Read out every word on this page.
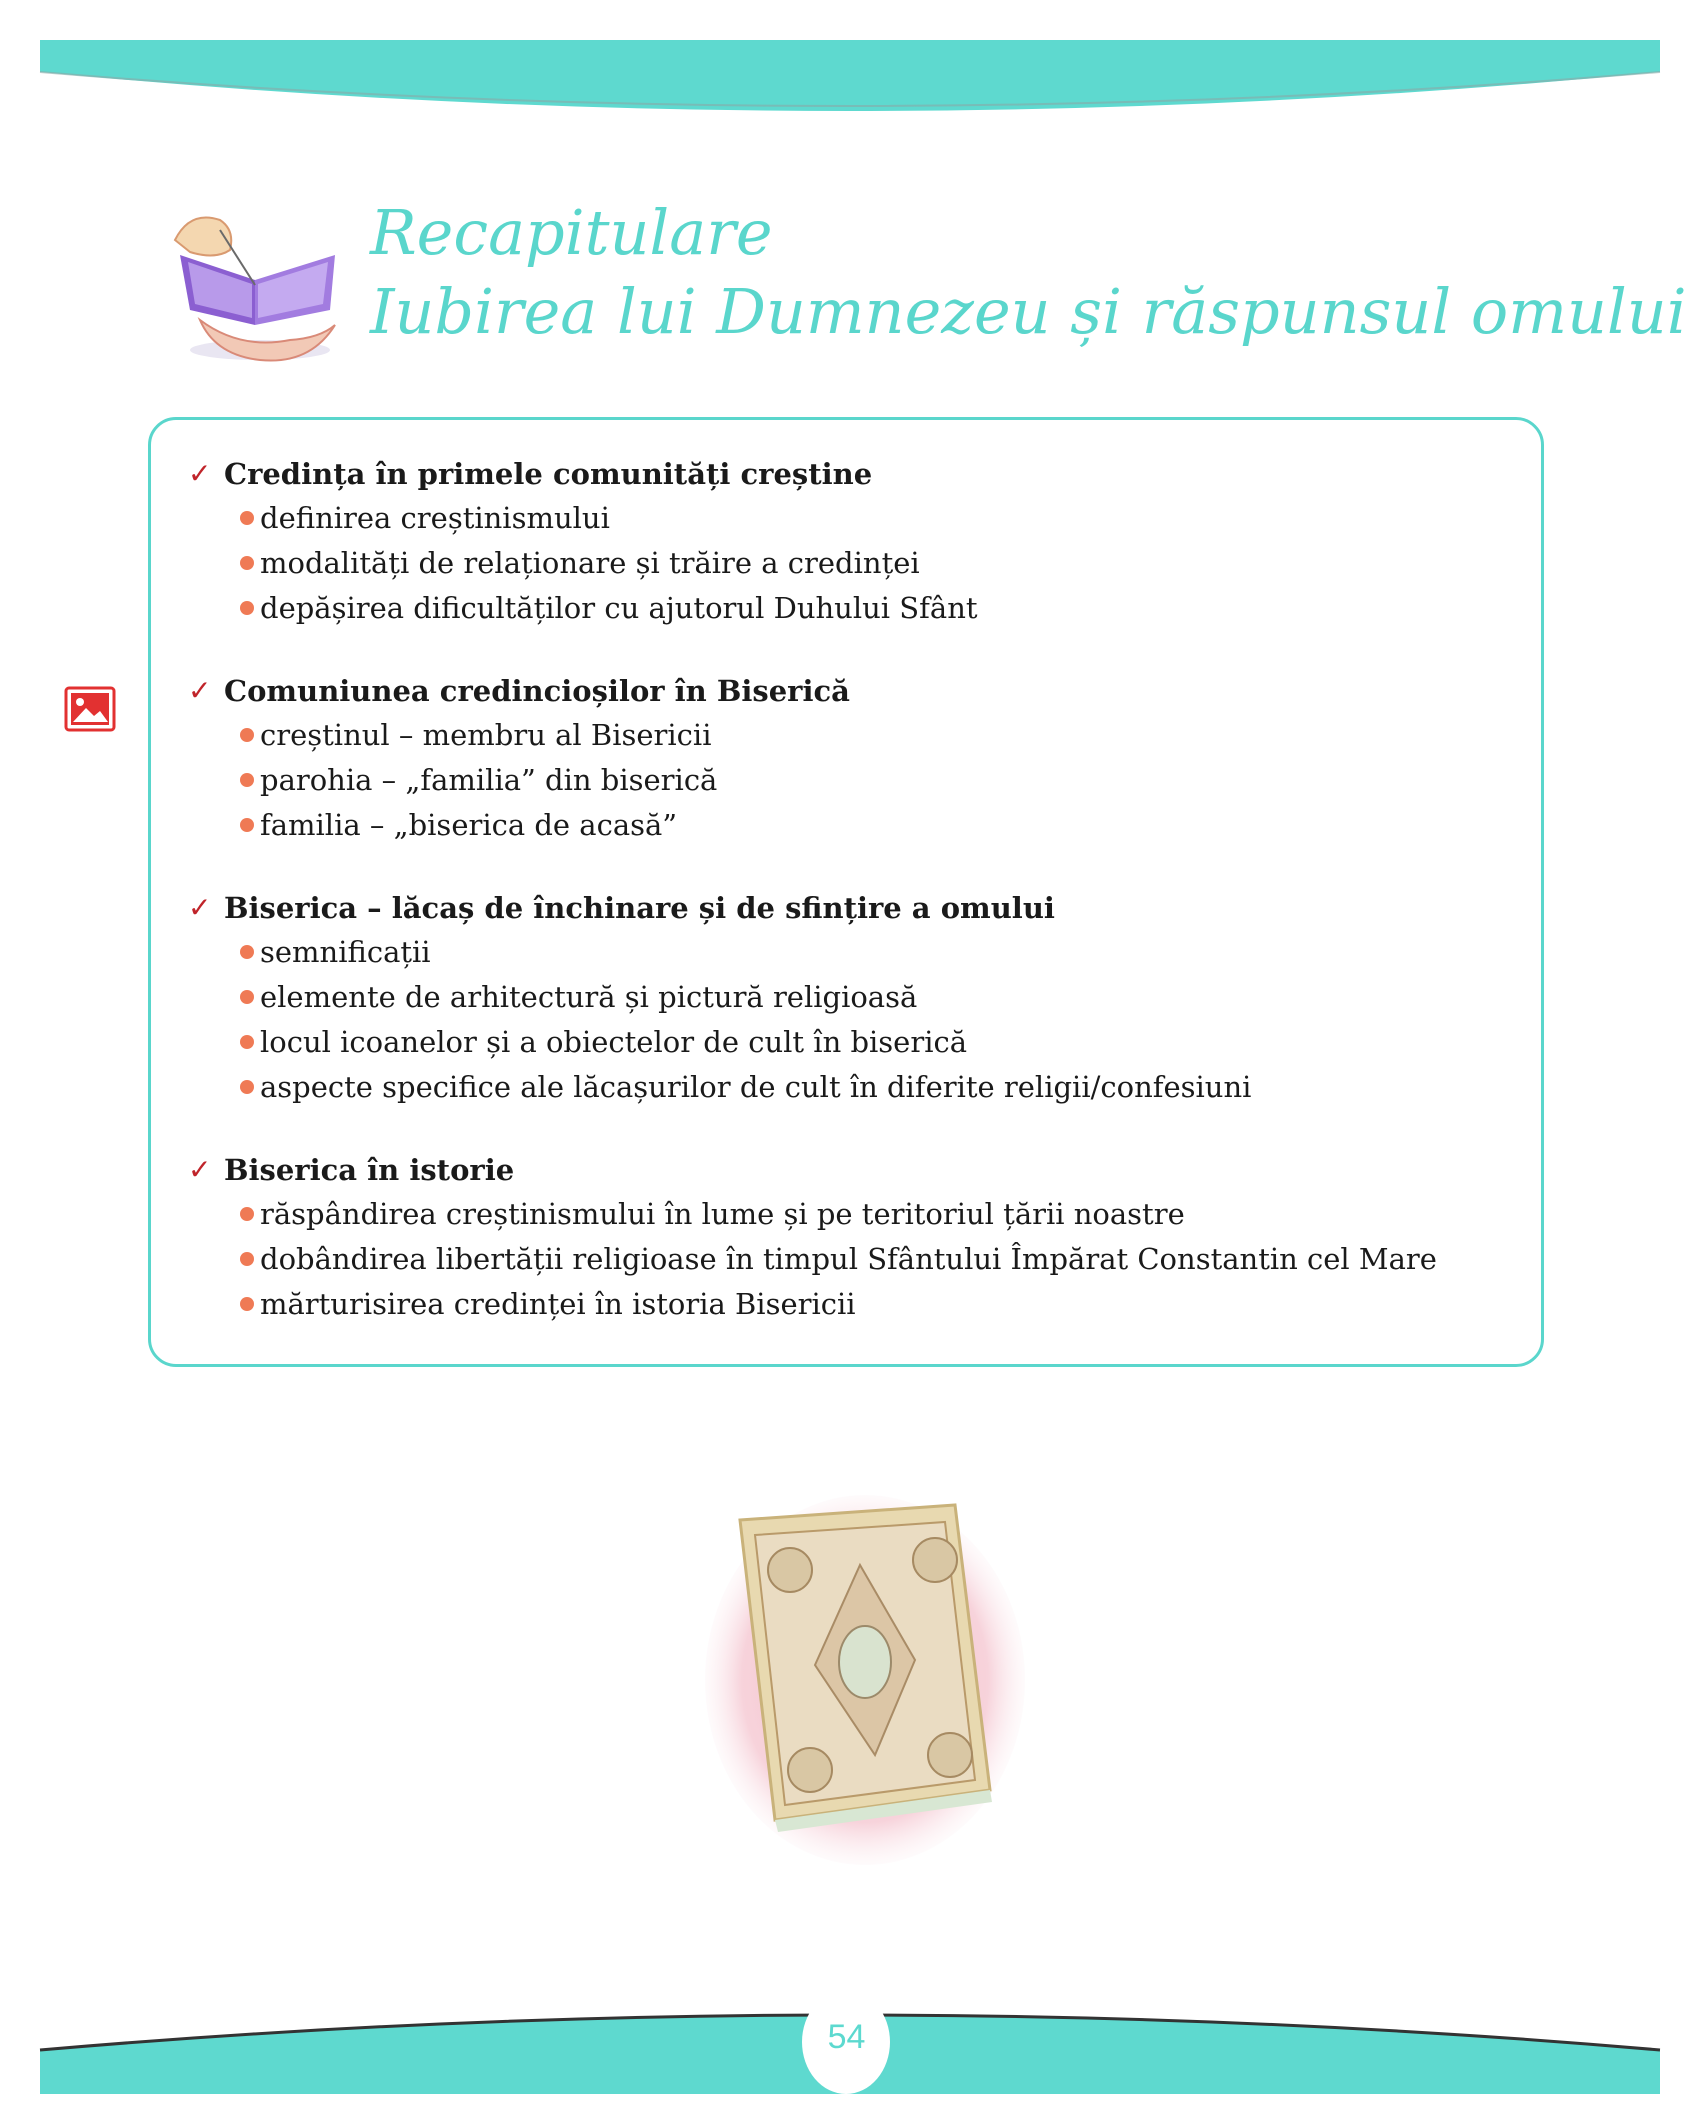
Recapitulare
Iubirea lui Dumnezeu și răspunsul omului
✓ Credința în primele comunități creștine
definirea creștinismului
modalități de relaționare și trăire a credinței
depășirea dificultăților cu ajutorul Duhului Sfânt
✓ Comuniunea credincioșilor în Biserică
creștinul – membru al Bisericii
parohia – „familia” din biserică
familia – „biserica de acasă”
✓ Biserica – lăcaș de închinare și de sfințire a omului
semnificații
elemente de arhitectură și pictură religioasă
locul icoanelor și a obiectelor de cult în biserică
aspecte specifice ale lăcașurilor de cult în diferite religii/confesiuni
✓ Biserica în istorie
răspândirea creștinismului în lume și pe teritoriul țării noastre
dobândirea libertății religioase în timpul Sfântului Împărat Constantin cel Mare
mărturisirea credinței în istoria Bisericii
54
